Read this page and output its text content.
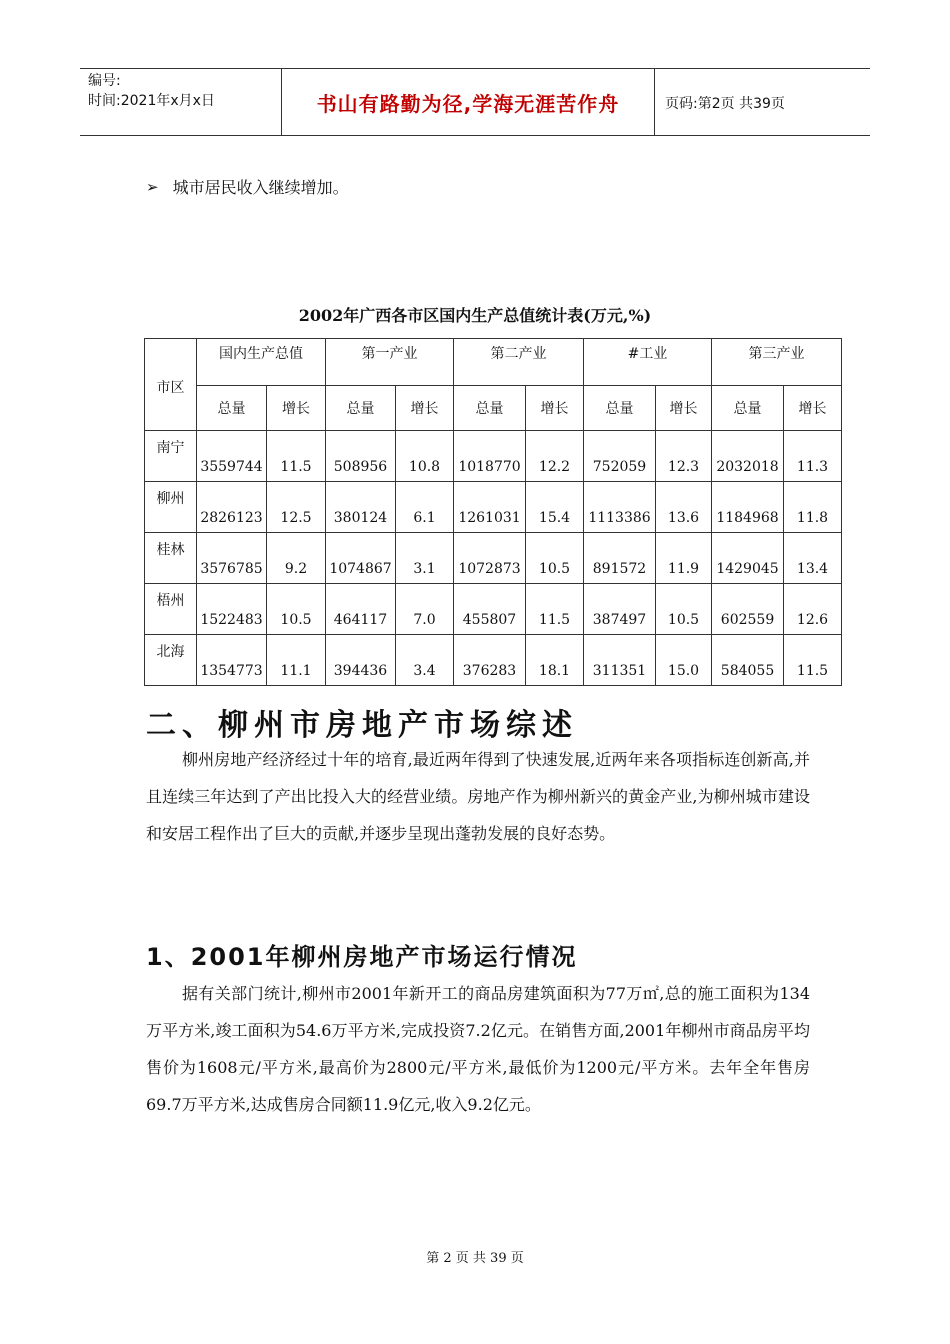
编号:
时间:2021年x月x日	书山有路勤为径,学海无涯苦作舟	页码:第2页 共39页
➢ 城市居民收入继续增加。
2002年广西各市区国内生产总值统计表(万元,%)
市区	国内生产总值		第一产业		第二产业		#工业		第三产业	
	总量	增长	总量	增长	总量	增长	总量	增长	总量	增长
南宁	3559744	11.5	508956	10.8	1018770	12.2	752059	12.3	2032018	11.3
柳州	2826123	12.5	380124	6.1	1261031	15.4	1113386	13.6	1184968	11.8
桂林	3576785	9.2	1074867	3.1	1072873	10.5	891572	11.9	1429045	13.4
梧州	1522483	10.5	464117	7.0	455807	11.5	387497	10.5	602559	12.6
北海	1354773	11.1	394436	3.4	376283	18.1	311351	15.0	584055	11.5
二、柳州市房地产市场综述

柳州房地产经济经过十年的培育,最近两年得到了快速发展,近两年来各项指标连创新高,并且连续三年达到了产出比投入大的经营业绩。房地产作为柳州新兴的黄金产业,为柳州城市建设和安居工程作出了巨大的贡献,并逐步呈现出蓬勃发展的良好态势。

1、2001年柳州房地产市场运行情况

据有关部门统计,柳州市2001年新开工的商品房建筑面积为77万㎡,总的施工面积为134万平方米,竣工面积为54.6万平方米,完成投资7.2亿元。在销售方面,2001年柳州市商品房平均售价为1608元/平方米,最高价为2800元/平方米,最低价为1200元/平方米。去年全年售房69.7万平方米,达成售房合同额11.9亿元,收入9.2亿元。

第 2 页 共 39 页
